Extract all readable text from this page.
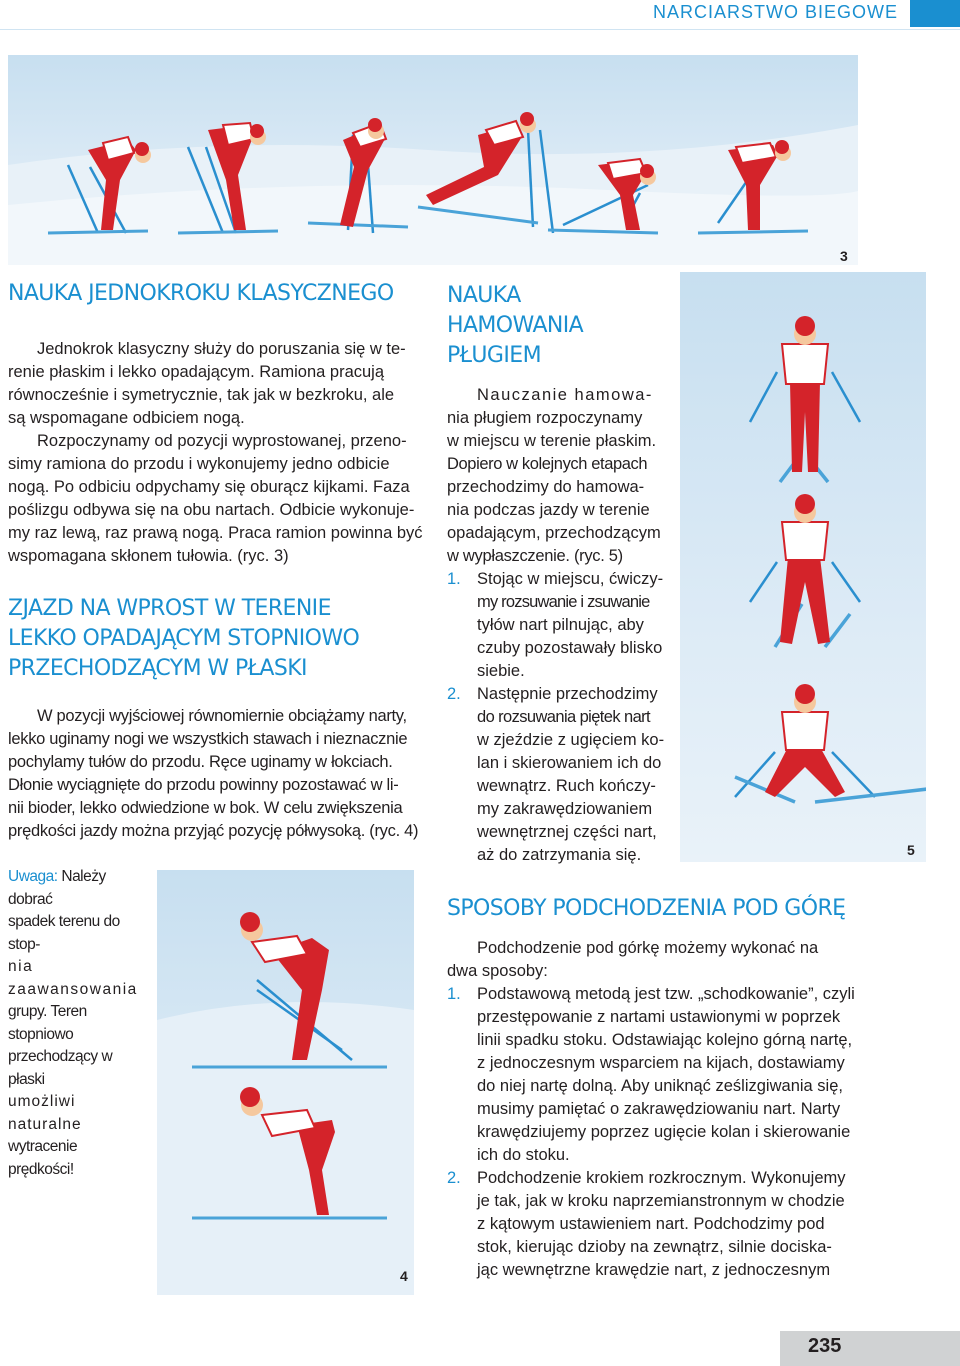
NARCIARSTWO BIEGOWE
3
NAUKA JEDNOKROKU KLASYCZNEGO

Jednokrok klasyczny służy do poruszania się w te-

renie płaskim i lekko opadającym. Ramiona pracują

równocześnie i symetrycznie, tak jak w bezkroku, ale

są wspomagane odbiciem nogą.

Rozpoczynamy od pozycji wyprostowanej, przeno-

simy ramiona do przodu i wykonujemy jedno odbicie

nogą. Po odbiciu odpychamy się oburącz kijkami. Faza

poślizgu odbywa się na obu nartach. Odbicie wykonuje-

my raz lewą, raz prawą nogą. Praca ramion powinna być

wspomagana skłonem tułowia. (ryc. 3)

ZJAZD NA WPROST W TERENIE
LEKKO OPADAJĄCYM STOPNIOWO
PRZECHODZĄCYM W PŁASKI

W pozycji wyjściowej równomiernie obciążamy narty,

lekko uginamy nogi we wszystkich stawach i nieznacznie

pochylamy tułów do przodu. Ręce uginamy w łokciach.

Dłonie wyciągnięte do przodu powinny pozostawać w li-

nii bioder, lekko odwiedzione w bok. W celu zwiększenia

prędkości jazdy można przyjąć pozycję półwysoką. (ryc. 4)

Uwaga: Należy dobrać
spadek terenu do stop-
nia zaawansowania
grupy. Teren stopniowo
przechodzący w płaski
umożliwi naturalne
wytracenie prędkości!
4
NAUKA
HAMOWANIA
PŁUGIEM

Nauczanie hamowa-

nia pługiem rozpoczynamy

w miejscu w terenie płaskim.

Dopiero w kolejnych etapach

przechodzimy do hamowa-

nia podczas jazdy w terenie

opadającym, przechodzącym

w wypłaszczenie. (ryc. 5)

1. Stojąc w miejscu, ćwiczy-
my rozsuwanie i zsuwanie
tyłów nart pilnując, aby
czuby pozostawały blisko
siebie.
2. Następnie przechodzimy
do rozsuwania piętek nart
w zjeździe z ugięciem ko-
lan i skierowaniem ich do
wewnątrz. Ruch kończy-
my zakrawędziowaniem
wewnętrznej części nart,
aż do zatrzymania się.	5
SPOSOBY PODCHODZENIA POD GÓRĘ

Podchodzenie pod górkę możemy wykonać na

dwa sposoby:

1. Podstawową metodą jest tzw. „schodkowanie”, czyli
przestępowanie z nartami ustawionymi w poprzek
linii spadku stoku. Odstawiając kolejno górną nartę,
z jednoczesnym wsparciem na kijach, dostawiamy
do niej nartę dolną. Aby uniknąć ześlizgiwania się,
musimy pamiętać o zakrawędziowaniu nart. Narty
krawędziujemy poprzez ugięcie kolan i skierowanie
ich do stoku.
2. Podchodzenie krokiem rozkrocznym. Wykonujemy
je tak, jak w kroku naprzemianstronnym w chodzie
z kątowym ustawieniem nart. Podchodzimy pod
stok, kierując dzioby na zewnątrz, silnie dociska-
jąc wewnętrzne krawędzie nart, z jednoczesnym
235
